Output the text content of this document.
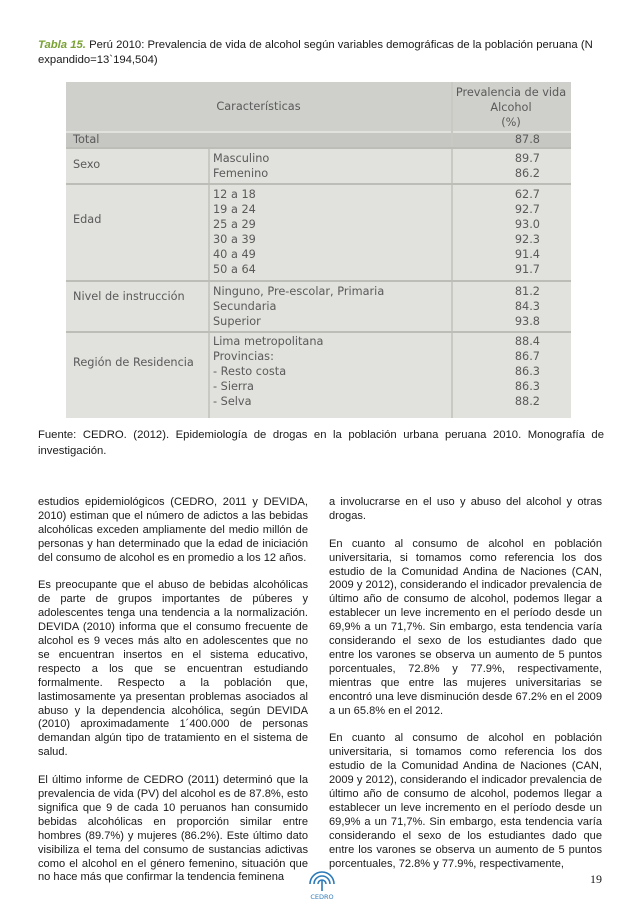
Tabla 15. Perú 2010: Prevalencia de vida de alcohol según variables demográficas de la población peruana (N expandido=13`194,504)
Características
Prevalencia de vida
Alcohol
(%)
Total	87.8
Sexo	Masculino	89.7
Femenino	86.2
Edad
12 a 18	62.7
19 a 24	92.7
25 a 29	93.0
30 a 39	92.3
40 a 49	91.4
50 a 64	91.7
Nivel de instrucción	Ninguno, Pre-escolar, Primaria	81.2
Secundaria	84.3
Superior	93.8
Región de Residencia
Lima metropolitana	88.4
Provincias:	86.7
- Resto costa	86.3
- Sierra	86.3
- Selva	88.2
Fuente: CEDRO. (2012). Epidemiología de drogas en la población urbana peruana 2010. Monografía de investigación.

estudios epidemiológicos (CEDRO, 2011 y DEVIDA, 2010) estiman que el número de adictos a las bebidas alcohólicas exceden ampliamente del medio millón de personas y han determinado que la edad de iniciación del consumo de alcohol es en promedio a los 12 años.

Es preocupante que el abuso de bebidas alcohólicas de parte de grupos importantes de púberes y adolescentes tenga una tendencia a la normalización. DEVIDA (2010) informa que el consumo frecuente de alcohol es 9 veces más alto en adolescentes que no se encuentran insertos en el sistema educativo, respecto a los que se encuentran estudiando formalmente. Respecto a la población que, lastimosamente ya presentan problemas asociados al abuso y la dependencia alcohólica, según DEVIDA (2010) aproximadamente 1´400.000 de personas demandan algún tipo de tratamiento en el sistema de salud.

El último informe de CEDRO (2011) determinó que la prevalencia de vida (PV) del alcohol es de 87.8%, esto significa que 9 de cada 10 peruanos han consumido bebidas alcohólicas en proporción similar entre hombres (89.7%) y mujeres (86.2%). Este último dato visibiliza el tema del consumo de sustancias adictivas como el alcohol en el género femenino, situación que no hace más que confirmar la tendencia feminena

a involucrarse en el uso y abuso del alcohol y otras drogas.

En cuanto al consumo de alcohol en población universitaria, si tomamos como referencia los dos estudio de la Comunidad Andina de Naciones (CAN, 2009 y 2012), considerando el indicador prevalencia de último año de consumo de alcohol, podemos llegar a establecer un leve incremento en el período desde un 69,9% a un 71,7%. Sin embargo, esta tendencia varía considerando el sexo de los estudiantes dado que entre los varones se observa un aumento de 5 puntos porcentuales, 72.8% y 77.9%, respectivamente, mientras que entre las mujeres universitarias se encontró una leve disminución desde 67.2% en el 2009 a un 65.8% en el 2012.

En cuanto al consumo de alcohol en población universitaria, si tomamos como referencia los dos estudio de la Comunidad Andina de Naciones (CAN, 2009 y 2012), considerando el indicador prevalencia de último año de consumo de alcohol, podemos llegar a establecer un leve incremento en el período desde un 69,9% a un 71,7%. Sin embargo, esta tendencia varía considerando el sexo de los estudiantes dado que entre los varones se observa un aumento de 5 puntos porcentuales, 72.8% y 77.9%, respectivamente,

CEDRO
19
